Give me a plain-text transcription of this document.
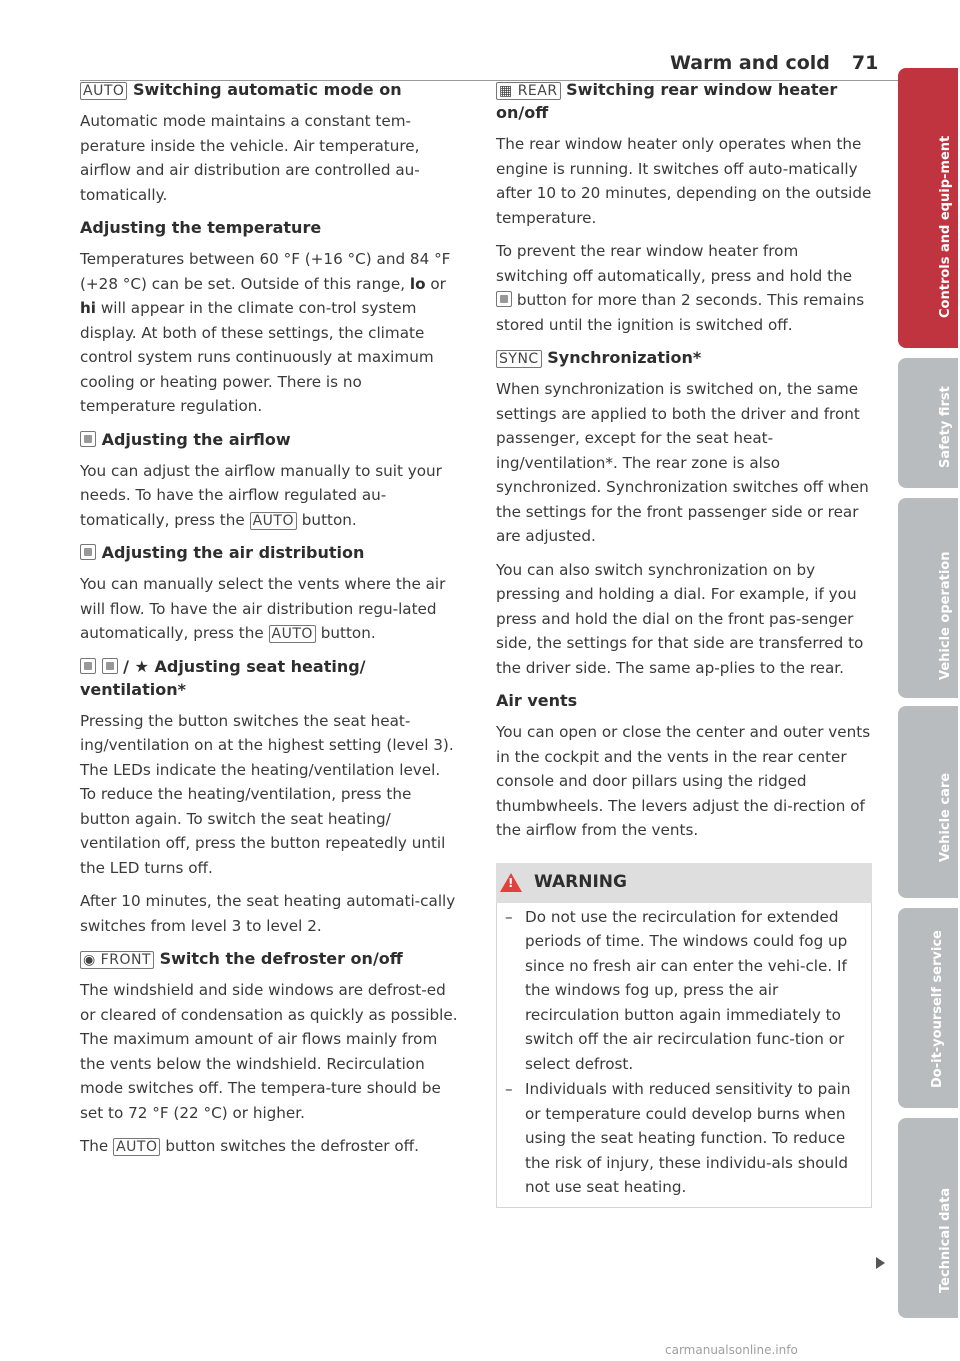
Warm and cold 71
AUTO Switching automatic mode on

Automatic mode maintains a constant tem-perature inside the vehicle. Air temperature, airflow and air distribution are controlled au-tomatically.

Adjusting the temperature

Temperatures between 60 °F (+16 °C) and 84 °F (+28 °C) can be set. Outside of this range, lo or hi will appear in the climate con-trol system display. At both of these settings, the climate control system runs continuously at maximum cooling or heating power. There is no temperature regulation.

Adjusting the airflow

You can adjust the airflow manually to suit your needs. To have the airflow regulated au-tomatically, press the AUTO button.

Adjusting the air distribution

You can manually select the vents where the air will flow. To have the air distribution regu-lated automatically, press the AUTO button.

/ ★ Adjusting seat heating/ ventilation*

Pressing the button switches the seat heat-ing/ventilation on at the highest setting (level 3). The LEDs indicate the heating/ventilation level. To reduce the heating/ventilation, press the button again. To switch the seat heating/ ventilation off, press the button repeatedly until the LED turns off.

After 10 minutes, the seat heating automati-cally switches from level 3 to level 2.

◉ FRONT Switch the defroster on/off

The windshield and side windows are defrost-ed or cleared of condensation as quickly as possible. The maximum amount of air flows mainly from the vents below the windshield. Recirculation mode switches off. The tempera-ture should be set to 72 °F (22 °C) or higher.

The AUTO button switches the defroster off.

▦ REAR Switching rear window heater on/off

The rear window heater only operates when the engine is running. It switches off auto-matically after 10 to 20 minutes, depending on the outside temperature.

To prevent the rear window heater from switching off automatically, press and hold the  button for more than 2 seconds. This remains stored until the ignition is switched off.

SYNC Synchronization*

When synchronization is switched on, the same settings are applied to both the driver and front passenger, except for the seat heat-ing/ventilation*. The rear zone is also synchronized. Synchronization switches off when the settings for the front passenger side or rear are adjusted.

You can also switch synchronization on by pressing and holding a dial. For example, if you press and hold the dial on the front pas-senger side, the settings for that side are transferred to the driver side. The same ap-plies to the rear.

Air vents

You can open or close the center and outer vents in the cockpit and the vents in the rear center console and door pillars using the ridged thumbwheels. The levers adjust the di-rection of the airflow from the vents.

!
WARNING
– Do not use the recirculation for extended periods of time. The windows could fog up since no fresh air can enter the vehi-cle. If the windows fog up, press the air recirculation button again immediately to switch off the air recirculation func-tion or select defrost.
– Individuals with reduced sensitivity to pain or temperature could develop burns when using the seat heating function. To reduce the risk of injury, these individu-als should not use seat heating.
Controls and equip-ment
Safety first
Vehicle operation
Vehicle care
Do-it-yourself service
Technical data
carmanualsonline.info
